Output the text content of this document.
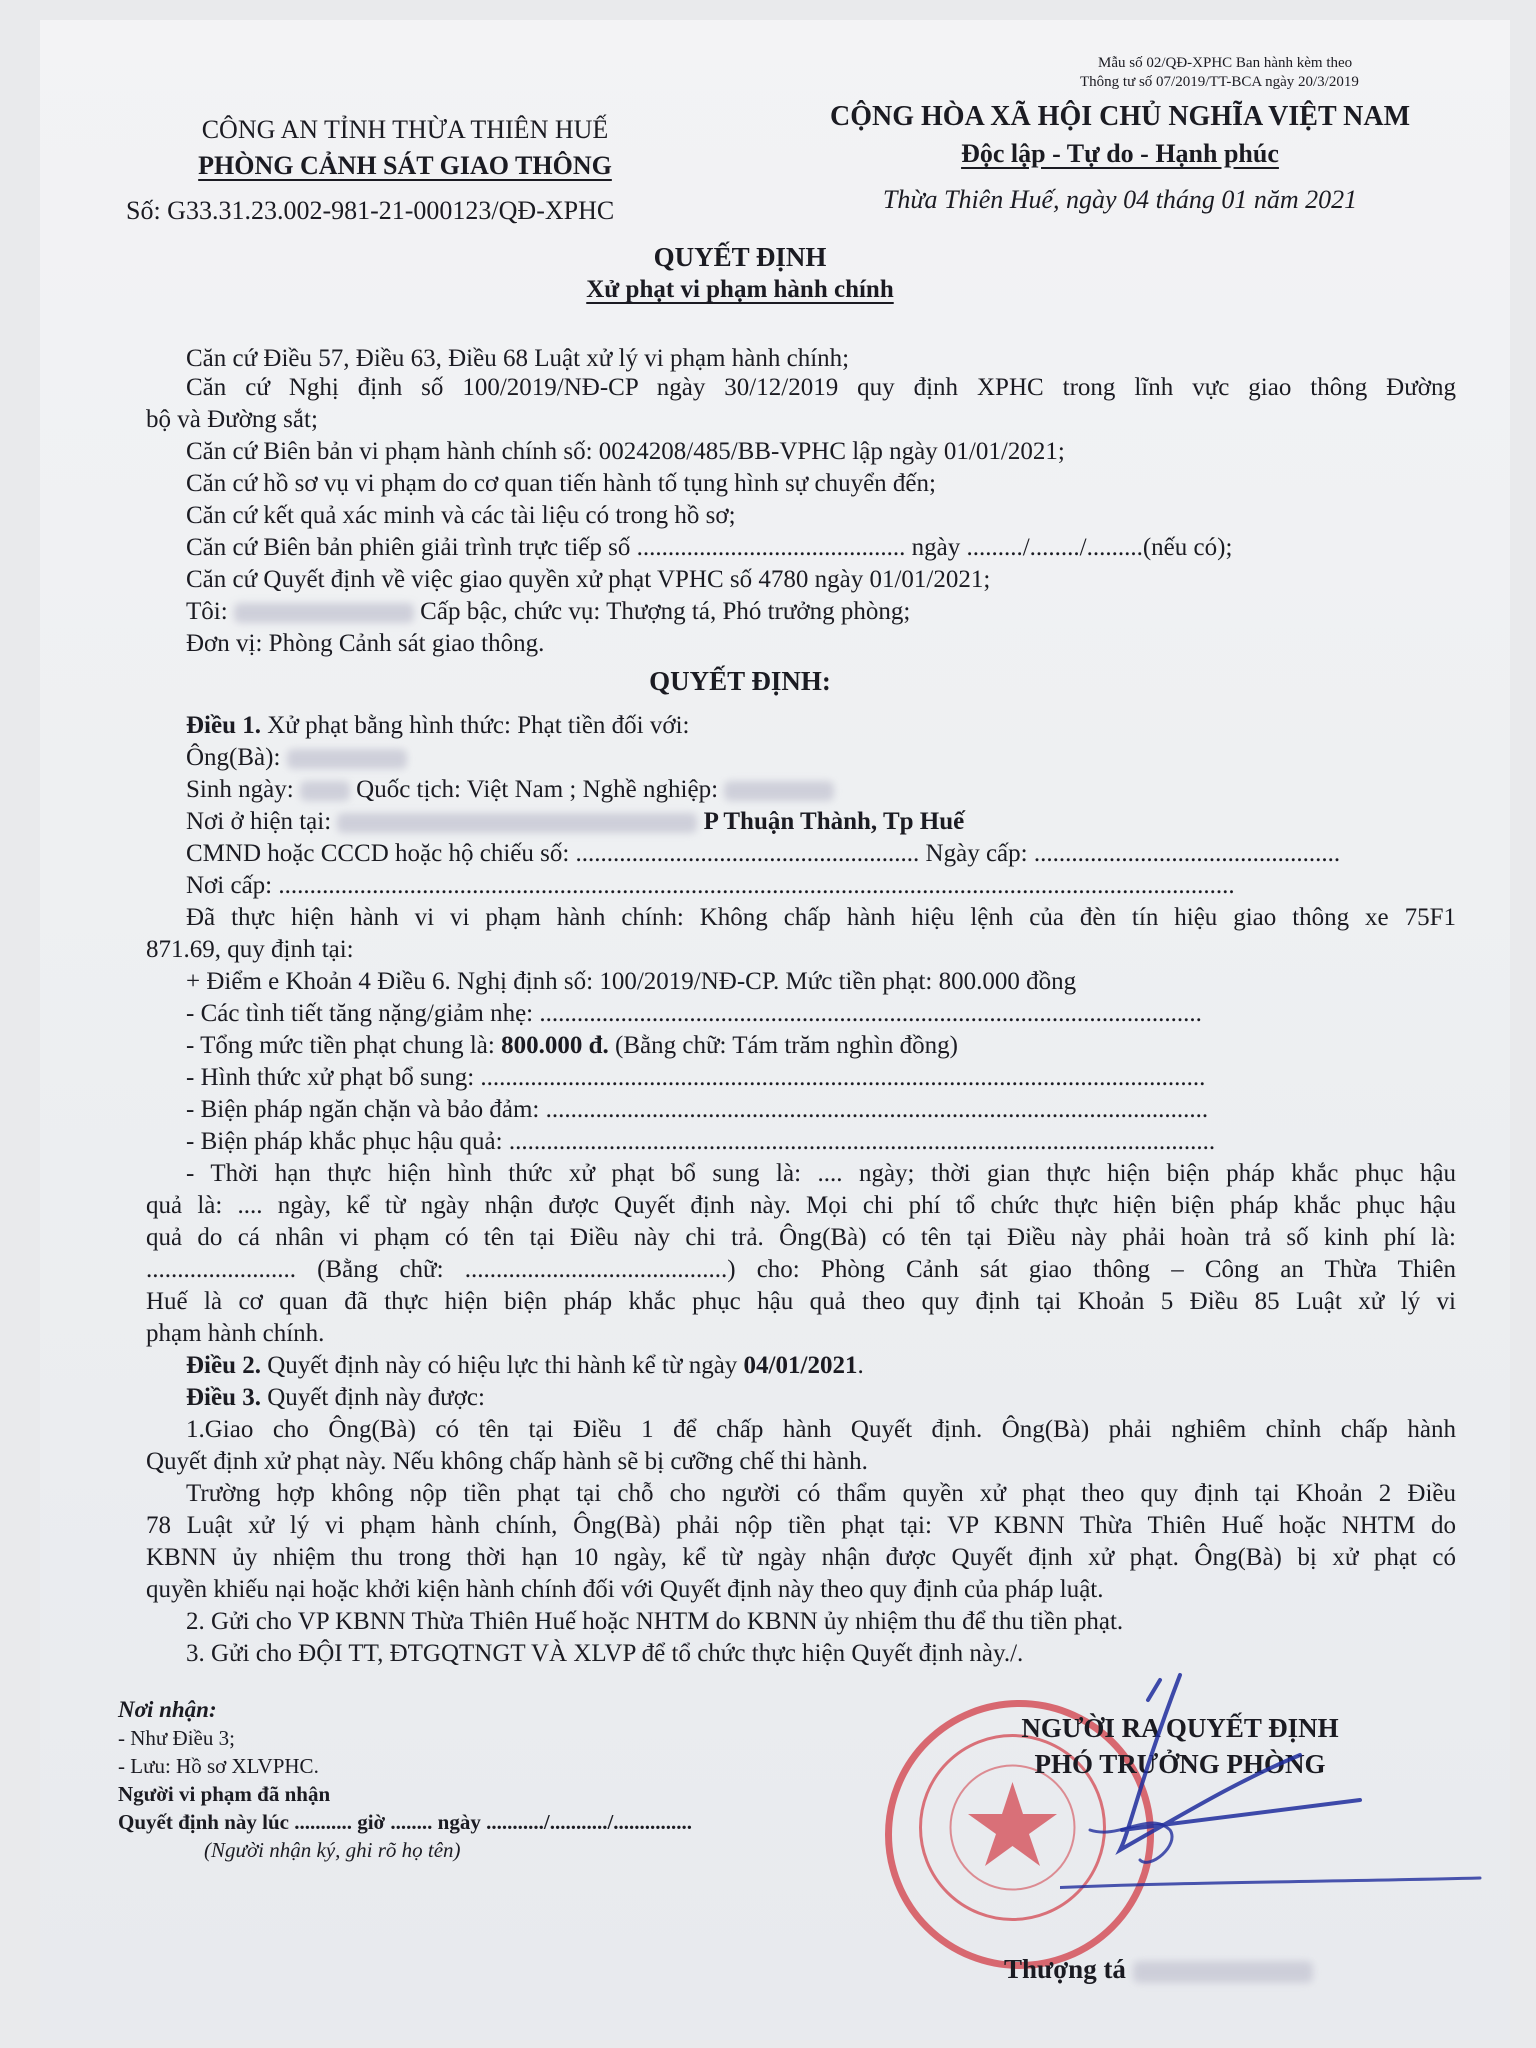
Mẫu số 02/QĐ-XPHC Ban hành kèm theo
Thông tư số 07/2019/TT-BCA ngày 20/3/2019
CÔNG AN TỈNH THỪA THIÊN HUẾ
PHÒNG CẢNH SÁT GIAO THÔNG
Số: G33.31.23.002-981-21-000123/QĐ-XPHC
CỘNG HÒA XÃ HỘI CHỦ NGHĨA VIỆT NAM
Độc lập - Tự do - Hạnh phúc
Thừa Thiên Huế, ngày 04 tháng 01 năm 2021
QUYẾT ĐỊNH
Xử phạt vi phạm hành chính
Căn cứ Điều 57, Điều 63, Điều 68 Luật xử lý vi phạm hành chính;
Căn cứ Nghị định số 100/2019/NĐ-CP ngày 30/12/2019 quy định XPHC trong lĩnh vực giao thông Đường
bộ và Đường sắt;
Căn cứ Biên bản vi phạm hành chính số: 0024208/485/BB-VPHC lập ngày 01/01/2021;
Căn cứ hồ sơ vụ vi phạm do cơ quan tiến hành tố tụng hình sự chuyển đến;
Căn cứ kết quả xác minh và các tài liệu có trong hồ sơ;
Căn cứ Biên bản phiên giải trình trực tiếp số ........................................... ngày ........./......../.........(nếu có);
Căn cứ Quyết định về việc giao quyền xử phạt VPHC số 4780 ngày 01/01/2021;
Tôi:	Cấp bậc, chức vụ: Thượng tá, Phó trưởng phòng;
Đơn vị: Phòng Cảnh sát giao thông.
QUYẾT ĐỊNH:
Điều 1. Xử phạt bằng hình thức: Phạt tiền đối với:
Ông(Bà):
Sinh ngày:	Quốc tịch: Việt Nam ; Nghề nghiệp:
Nơi ở hiện tại:	P Thuận Thành, Tp Huế
CMND hoặc CCCD hoặc hộ chiếu số: ....................................................... Ngày cấp: .................................................
Nơi cấp: .........................................................................................................................................................
Đã thực hiện hành vi vi phạm hành chính: Không chấp hành hiệu lệnh của đèn tín hiệu giao thông xe 75F1
871.69, quy định tại:
+ Điểm e Khoản 4 Điều 6. Nghị định số: 100/2019/NĐ-CP. Mức tiền phạt: 800.000 đồng
- Các tình tiết tăng nặng/giảm nhẹ: ..........................................................................................................
- Tổng mức tiền phạt chung là: 800.000 đ. (Bằng chữ: Tám trăm nghìn đồng)
- Hình thức xử phạt bổ sung: ....................................................................................................................
- Biện pháp ngăn chặn và bảo đảm: ..........................................................................................................
- Biện pháp khắc phục hậu quả: .................................................................................................................
- Thời hạn thực hiện hình thức xử phạt bổ sung là: .... ngày; thời gian thực hiện biện pháp khắc phục hậu
quả là: .... ngày, kể từ ngày nhận được Quyết định này. Mọi chi phí tổ chức thực hiện biện pháp khắc phục hậu
quả do cá nhân vi phạm có tên tại Điều này chi trả. Ông(Bà) có tên tại Điều này phải hoàn trả số kinh phí là:
........................ (Bằng chữ: ..........................................) cho: Phòng Cảnh sát giao thông – Công an Thừa Thiên
Huế là cơ quan đã thực hiện biện pháp khắc phục hậu quả theo quy định tại Khoản 5 Điều 85 Luật xử lý vi
phạm hành chính.
Điều 2. Quyết định này có hiệu lực thi hành kể từ ngày 04/01/2021.
Điều 3. Quyết định này được:
1.Giao cho Ông(Bà) có tên tại Điều 1 để chấp hành Quyết định. Ông(Bà) phải nghiêm chỉnh chấp hành
Quyết định xử phạt này. Nếu không chấp hành sẽ bị cưỡng chế thi hành.
Trường hợp không nộp tiền phạt tại chỗ cho người có thẩm quyền xử phạt theo quy định tại Khoản 2 Điều
78 Luật xử lý vi phạm hành chính, Ông(Bà) phải nộp tiền phạt tại: VP KBNN Thừa Thiên Huế hoặc NHTM do
KBNN ủy nhiệm thu trong thời hạn 10 ngày, kể từ ngày nhận được Quyết định xử phạt. Ông(Bà) bị xử phạt có
quyền khiếu nại hoặc khởi kiện hành chính đối với Quyết định này theo quy định của pháp luật.
2. Gửi cho VP KBNN Thừa Thiên Huế hoặc NHTM do KBNN ủy nhiệm thu để thu tiền phạt.
3. Gửi cho ĐỘI TT, ĐTGQTNGT VÀ XLVP để tổ chức thực hiện Quyết định này./.
Nơi nhận:
- Như Điều 3;
- Lưu: Hồ sơ XLVPHC.
Người vi phạm đã nhận
Quyết định này lúc ........... giờ ........ ngày .........../.........../...............
(Người nhận ký, ghi rõ họ tên)
NGƯỜI RA QUYẾT ĐỊNH
PHÓ TRƯỞNG PHÒNG
Thượng tá
